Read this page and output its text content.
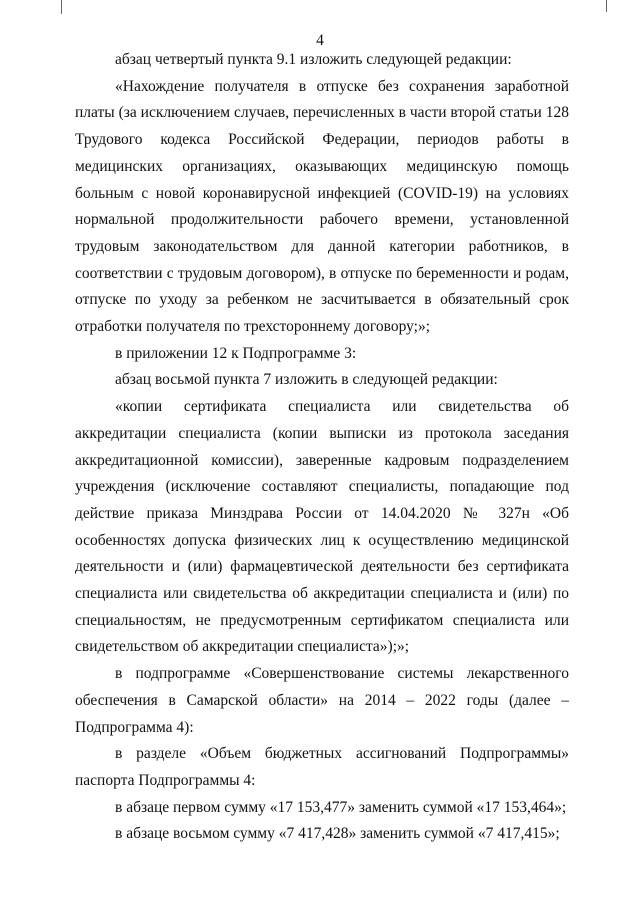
4

абзац четвертый пункта 9.1 изложить следующей редакции:

«Нахождение получателя в отпуске без сохранения заработной платы (за исключением случаев, перечисленных в части второй статьи 128 Трудового кодекса Российской Федерации, периодов работы в медицинских организациях, оказывающих медицинскую помощь больным с новой коронавирусной инфекцией (COVID-19) на условиях нормальной продолжительности рабочего времени, установленной трудовым законодательством для данной категории работников, в соответствии с трудовым договором), в отпуске по беременности и родам, отпуске по уходу за ребенком не засчитывается в обязательный срок отработки получателя по трехстороннему договору;»;

в приложении 12 к Подпрограмме 3:

абзац восьмой пункта 7 изложить в следующей редакции:

«копии сертификата специалиста или свидетельства об аккредитации специалиста (копии выписки из протокола заседания аккредитационной комиссии), заверенные кадровым подразделением учреждения (исключение составляют специалисты, попадающие под действие приказа Минздрава России от 14.04.2020 № 327н «Об особенностях допуска физических лиц к осуществлению медицинской деятельности и (или) фармацевтической деятельности без сертификата специалиста или свидетельства об аккредитации специалиста и (или) по специальностям, не предусмотренным сертификатом специалиста или свидетельством об аккредитации специалиста»);»;

в подпрограмме «Совершенствование системы лекарственного обеспечения в Самарской области» на 2014 – 2022 годы (далее – Подпрограмма 4):

в разделе «Объем бюджетных ассигнований Подпрограммы» паспорта Подпрограммы 4:

в абзаце первом сумму «17 153,477» заменить суммой «17 153,464»;

в абзаце восьмом сумму «7 417,428» заменить суммой «7 417,415»;
